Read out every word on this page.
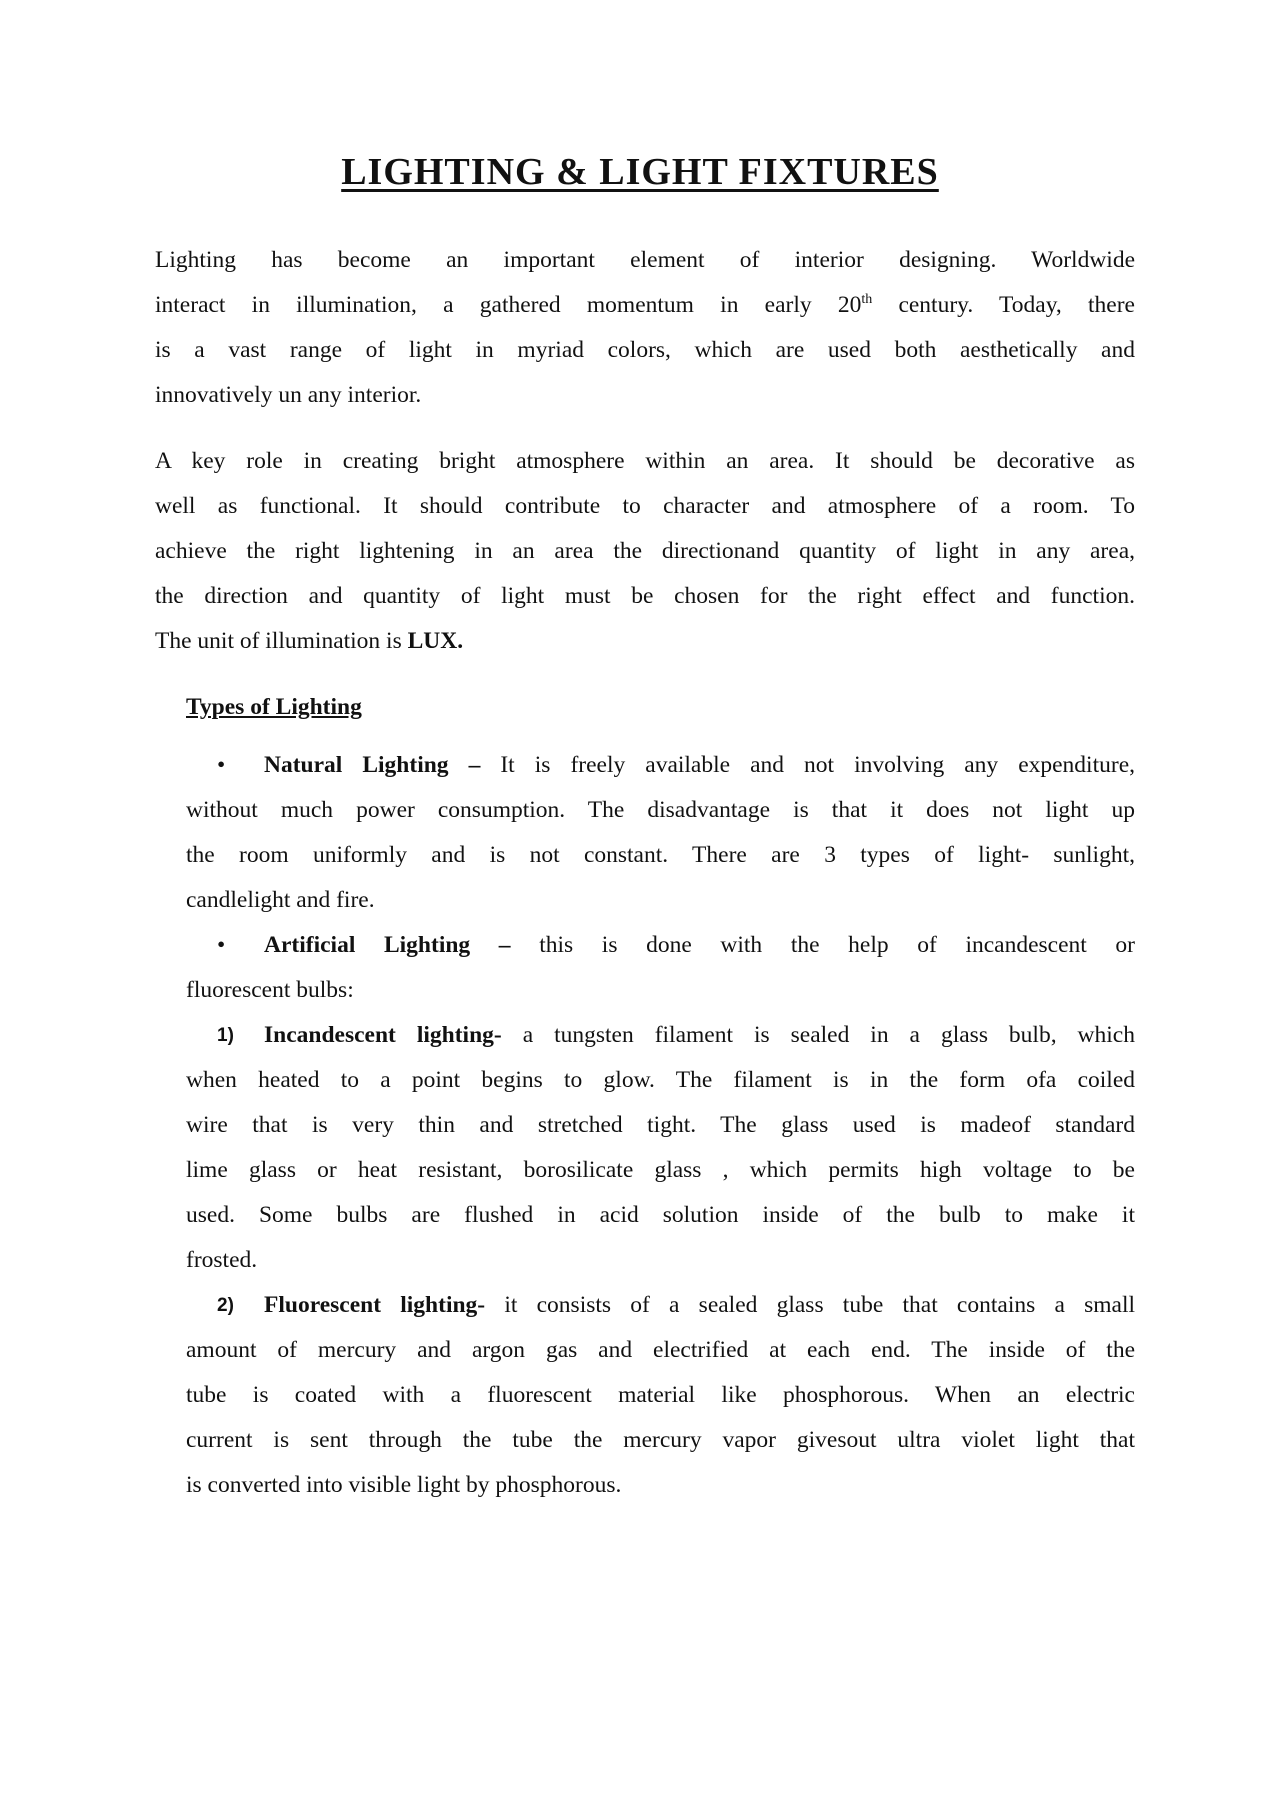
LIGHTING & LIGHT FIXTURES
Lighting has become an important element of interior designing. Worldwide
interact in illumination, a gathered momentum in early 20th century. Today, there
is a vast range of light in myriad colors, which are used both aesthetically and
innovatively un any interior.
A key role in creating bright atmosphere within an area. It should be decorative as
well as functional. It should contribute to character and atmosphere of a room. To
achieve the right lightening in an area the directionand quantity of light in any area,
the direction and quantity of light must be chosen for the right effect and function.
The unit of illumination is LUX.
Types of Lighting
• Natural Lighting – It is freely available and not involving any expenditure,
without much power consumption. The disadvantage is that it does not light up
the room uniformly and is not constant. There are 3 types of light- sunlight,
candlelight and fire.
• Artificial Lighting – this is done with the help of incandescent or
fluorescent bulbs:
1) Incandescent lighting- a tungsten filament is sealed in a glass bulb, which
when heated to a point begins to glow. The filament is in the form ofa coiled
wire that is very thin and stretched tight. The glass used is madeof standard
lime glass or heat resistant, borosilicate glass , which permits high voltage to be
used. Some bulbs are flushed in acid solution inside of the bulb to make it
frosted.
2) Fluorescent lighting- it consists of a sealed glass tube that contains a small
amount of mercury and argon gas and electrified at each end. The inside of the
tube is coated with a fluorescent material like phosphorous. When an electric
current is sent through the tube the mercury vapor givesout ultra violet light that
is converted into visible light by phosphorous.
